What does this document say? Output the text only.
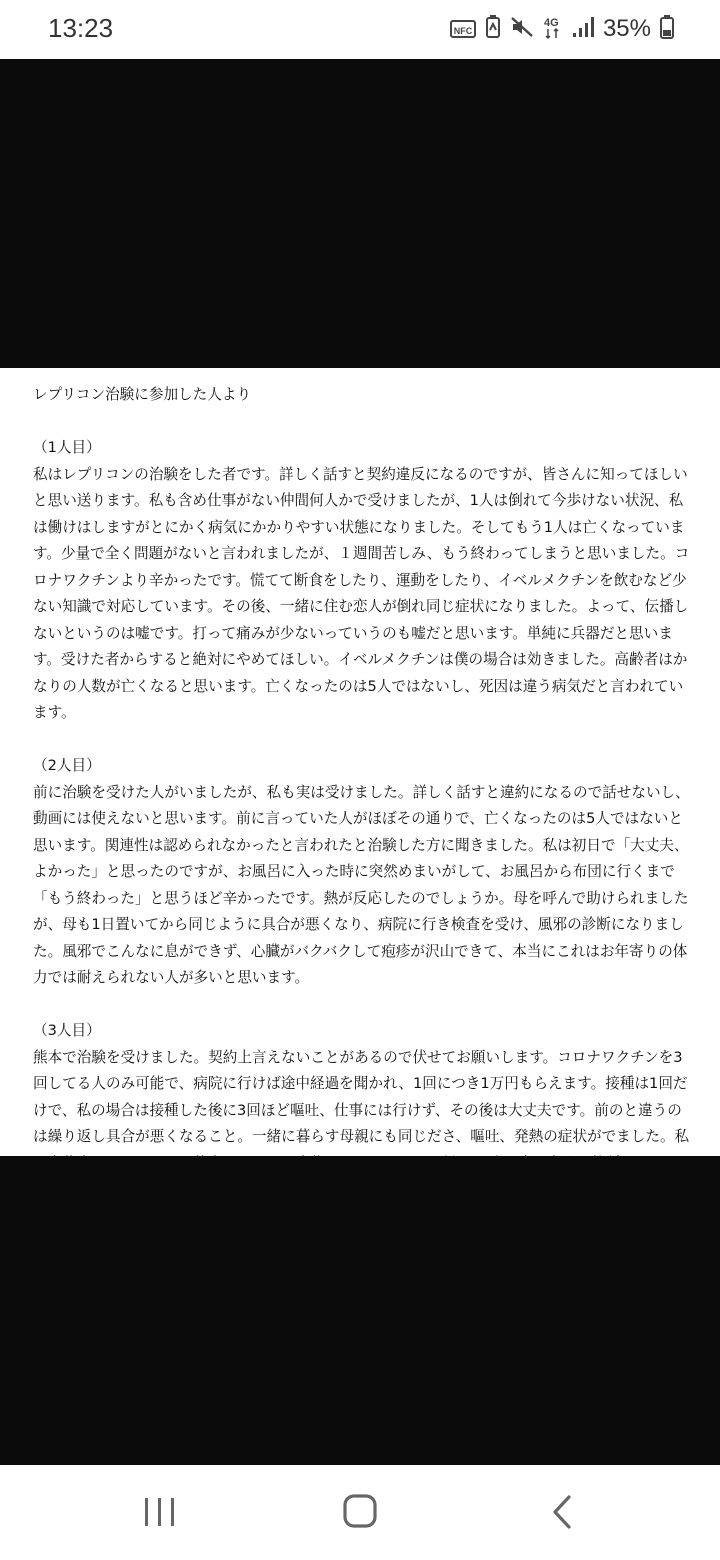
13:23	NFC
4G 35%

レプリコン治験に参加した人より

（1人目）

私はレプリコンの治験をした者です。詳しく話すと契約違反になるのですが、皆さんに知ってほしいと思い送ります。私も含め仕事がない仲間何人かで受けましたが、1人は倒れて今歩けない状況、私は働けはしますがとにかく病気にかかりやすい状態になりました。そしてもう1人は亡くなっています。少量で全く問題がないと言われましたが、１週間苦しみ、もう終わってしまうと思いました。コロナワクチンより辛かったです。慌てて断食をしたり、運動をしたり、イベルメクチンを飲むなど少ない知識で対応しています。その後、一緒に住む恋人が倒れ同じ症状になりました。よって、伝播しないというのは嘘です。打って痛みが少ないっていうのも嘘だと思います。単純に兵器だと思います。受けた者からすると絶対にやめてほしい。イベルメクチンは僕の場合は効きました。高齢者はかなりの人数が亡くなると思います。亡くなったのは5人ではないし、死因は違う病気だと言われています。

（2人目）

前に治験を受けた人がいましたが、私も実は受けました。詳しく話すと違約になるので話せないし、動画には使えないと思います。前に言っていた人がほぼその通りで、亡くなったのは5人ではないと思います。関連性は認められなかったと言われたと治験した方に聞きました。私は初日で「大丈夫、よかった」と思ったのですが、お風呂に入った時に突然めまいがして、お風呂から布団に行くまで「もう終わった」と思うほど辛かったです。熱が反応したのでしょうか。母を呼んで助けられましたが、母も1日置いてから同じように具合が悪くなり、病院に行き検査を受け、風邪の診断になりました。風邪でこんなに息ができず、心臓がバクバクして疱疹が沢山できて、本当にこれはお年寄りの体力では耐えられない人が多いと思います。

（3人目）

熊本で治験を受けました。契約上言えないことがあるので伏せてお願いします。コロナワクチンを3回してる人のみ可能で、病院に行けば途中経過を聞かれ、1回につき1万円もらえます。接種は1回だけで、私の場合は接種した後に3回ほど嘔吐、仕事には行けず、その後は大丈夫です。前のと違うのは繰り返し具合が悪くなること。一緒に暮らす母親にも同じださ、嘔吐、発熱の症状がでました。私
